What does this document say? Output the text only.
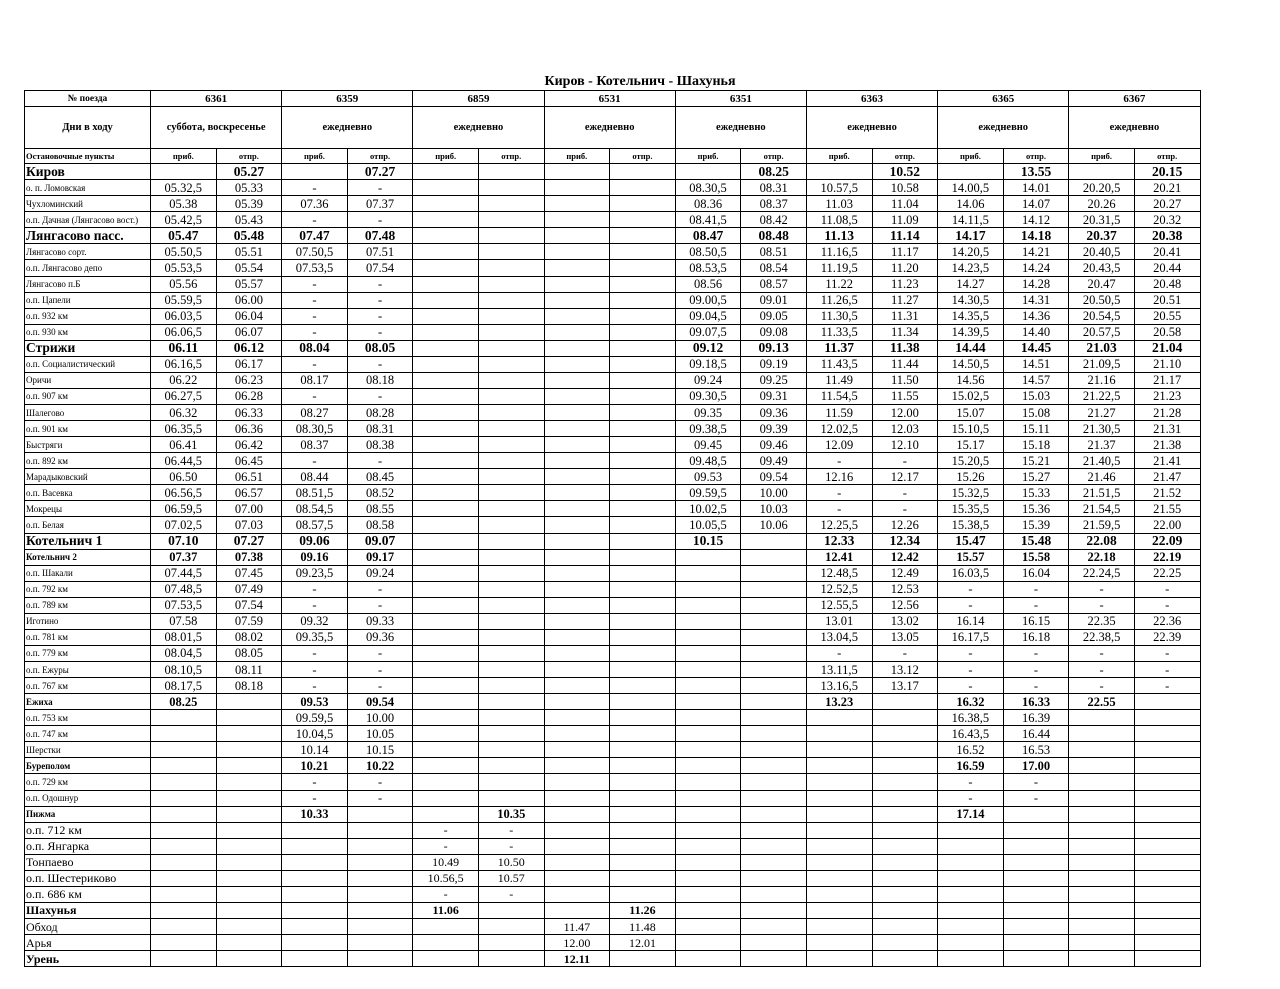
Киров - Котельнич - Шахунья
№ поезда	6361		6359		6859		6531		6351		6363		6365		6367	
Дни в ходу	суббота, воскресенье		ежедневно		ежедневно		ежедневно		ежедневно		ежедневно		ежедневно		ежедневно	
Остановочные пункты	приб.	отпр.	приб.	отпр.	приб.	отпр.	приб.	отпр.	приб.	отпр.	приб.	отпр.	приб.	отпр.	приб.	отпр.
Киров		05.27		07.27						08.25		10.52		13.55		20.15
о. п. Ломовская	05.32,5	05.33	-	-					08.30,5	08.31	10.57,5	10.58	14.00,5	14.01	20.20,5	20.21
Чухломинский	05.38	05.39	07.36	07.37					08.36	08.37	11.03	11.04	14.06	14.07	20.26	20.27
о.п. Дачная (Лянгасово вост.)	05.42,5	05.43	-	-					08.41,5	08.42	11.08,5	11.09	14.11,5	14.12	20.31,5	20.32
Лянгасово пасс.	05.47	05.48	07.47	07.48					08.47	08.48	11.13	11.14	14.17	14.18	20.37	20.38
Лянгасово сорт.	05.50,5	05.51	07.50,5	07.51					08.50,5	08.51	11.16,5	11.17	14.20,5	14.21	20.40,5	20.41
о.п. Лянгасово депо	05.53,5	05.54	07.53,5	07.54					08.53,5	08.54	11.19,5	11.20	14.23,5	14.24	20.43,5	20.44
Лянгасово п.Б	05.56	05.57	-	-					08.56	08.57	11.22	11.23	14.27	14.28	20.47	20.48
о.п. Цапели	05.59,5	06.00	-	-					09.00,5	09.01	11.26,5	11.27	14.30,5	14.31	20.50,5	20.51
о.п. 932 км	06.03,5	06.04	-	-					09.04,5	09.05	11.30,5	11.31	14.35,5	14.36	20.54,5	20.55
о.п. 930 км	06.06,5	06.07	-	-					09.07,5	09.08	11.33,5	11.34	14.39,5	14.40	20.57,5	20.58
Стрижи	06.11	06.12	08.04	08.05					09.12	09.13	11.37	11.38	14.44	14.45	21.03	21.04
о.п. Социалистический	06.16,5	06.17	-	-					09.18,5	09.19	11.43,5	11.44	14.50,5	14.51	21.09,5	21.10
Оричи	06.22	06.23	08.17	08.18					09.24	09.25	11.49	11.50	14.56	14.57	21.16	21.17
о.п. 907 км	06.27,5	06.28	-	-					09.30,5	09.31	11.54,5	11.55	15.02,5	15.03	21.22,5	21.23
Шалегово	06.32	06.33	08.27	08.28					09.35	09.36	11.59	12.00	15.07	15.08	21.27	21.28
о.п. 901 км	06.35,5	06.36	08.30,5	08.31					09.38,5	09.39	12.02,5	12.03	15.10,5	15.11	21.30,5	21.31
Быстряги	06.41	06.42	08.37	08.38					09.45	09.46	12.09	12.10	15.17	15.18	21.37	21.38
о.п. 892 км	06.44,5	06.45	-	-					09.48,5	09.49	-	-	15.20,5	15.21	21.40,5	21.41
Марадыковский	06.50	06.51	08.44	08.45					09.53	09.54	12.16	12.17	15.26	15.27	21.46	21.47
о.п. Васевка	06.56,5	06.57	08.51,5	08.52					09.59,5	10.00	-	-	15.32,5	15.33	21.51,5	21.52
Мокрецы	06.59,5	07.00	08.54,5	08.55					10.02,5	10.03	-	-	15.35,5	15.36	21.54,5	21.55
о.п. Белая	07.02,5	07.03	08.57,5	08.58					10.05,5	10.06	12.25,5	12.26	15.38,5	15.39	21.59,5	22.00
Котельнич 1	07.10	07.27	09.06	09.07					10.15		12.33	12.34	15.47	15.48	22.08	22.09
Котельнич 2	07.37	07.38	09.16	09.17							12.41	12.42	15.57	15.58	22.18	22.19
о.п. Шакали	07.44,5	07.45	09.23,5	09.24							12.48,5	12.49	16.03,5	16.04	22.24,5	22.25
о.п. 792 км	07.48,5	07.49	-	-							12.52,5	12.53	-	-	-	-
о.п. 789 км	07.53,5	07.54	-	-							12.55,5	12.56	-	-	-	-
Иготино	07.58	07.59	09.32	09.33							13.01	13.02	16.14	16.15	22.35	22.36
о.п. 781 км	08.01,5	08.02	09.35,5	09.36							13.04,5	13.05	16.17,5	16.18	22.38,5	22.39
о.п. 779 км	08.04,5	08.05	-	-							-	-	-	-	-	-
о.п. Ежуры	08.10,5	08.11	-	-							13.11,5	13.12	-	-	-	-
о.п. 767 км	08.17,5	08.18	-	-							13.16,5	13.17	-	-	-	-
Ежиха	08.25		09.53	09.54							13.23		16.32	16.33	22.55	
о.п. 753 км			09.59,5	10.00									16.38,5	16.39		
о.п. 747 км			10.04,5	10.05									16.43,5	16.44		
Шерстки			10.14	10.15									16.52	16.53		
Бурепол​ом			10.21	10.22									16.59	17.00		
о.п. 729 км			-	-									-	-		
о.п. Одошнур			-	-									-	-		
Пижма			10.33			10.35							17.14			
о.п. 712 км					-	-										
о.п. Янгарка					-	-										
Тонпаево					10.49	10.50										
о.п. Шестериково					10.56,5	10.57										
о.п. 686 км					-	-										
Шахунья					11.06			11.26								
Обход							11.47	11.48								
Арья							12.00	12.01								
Урень							12.11									
